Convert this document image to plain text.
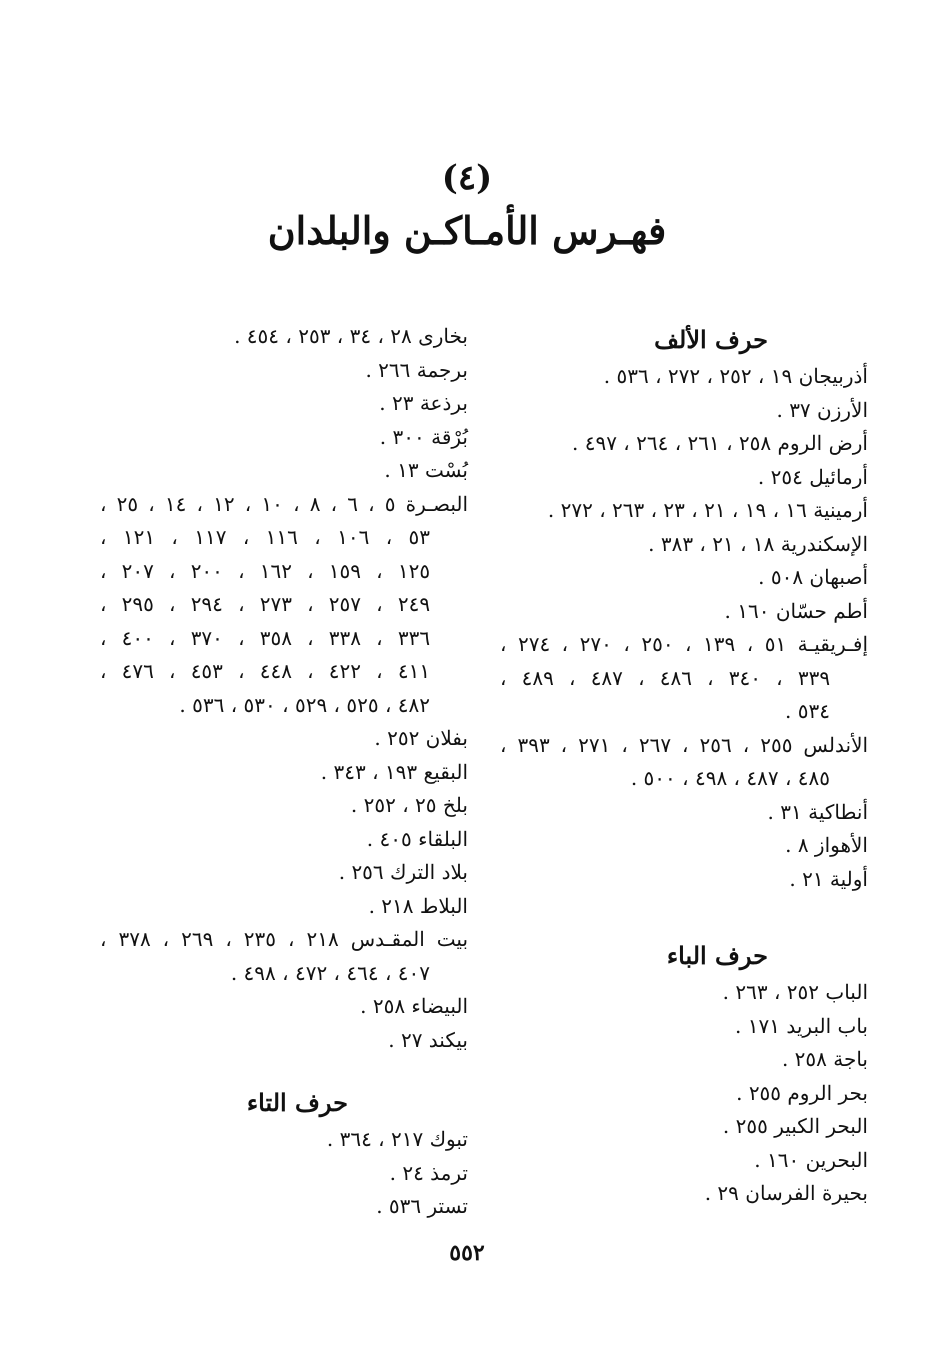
(٤)
فهـرس الأمـاكـن والبلدان
حرف الألف
أذربيجان ١٩ ، ٢٥٢ ، ٢٧٢ ، ٥٣٦ .
الأرزن ٣٧ .
أرض الروم ٢٥٨ ، ٢٦١ ، ٢٦٤ ، ٤٩٧ .
أرمائيل ٢٥٤ .
أرمينية ١٦ ، ١٩ ، ٢١ ، ٢٣ ، ٢٦٣ ، ٢٧٢ .
الإسكندرية ١٨ ، ٢١ ، ٣٨٣ .
أصبهان ٥٠٨ .
أطم حسّان ١٦٠ .
إفـريقيـة ٥١ ، ١٣٩ ، ٢٥٠ ، ٢٧٠ ، ٢٧٤ ،
٣٣٩ ، ٣٤٠ ، ٤٨٦ ، ٤٨٧ ، ٤٨٩ ،
٥٣٤ .
الأندلس ٢٥٥ ، ٢٥٦ ، ٢٦٧ ، ٢٧١ ، ٣٩٣ ،
٤٨٥ ، ٤٨٧ ، ٤٩٨ ، ٥٠٠ .
أنطاكية ٣١ .
الأهواز ٨ .
أولية ٢١ .
حرف الباء
الباب ٢٥٢ ، ٢٦٣ .
باب البريد ١٧١ .
باجة ٢٥٨ .
بحر الروم ٢٥٥ .
البحر الكبير ٢٥٥ .
البحرين ١٦٠ .
بحيرة الفرسان ٢٩ .
بخارى ٢٨ ، ٣٤ ، ٢٥٣ ، ٤٥٤ .
برجمة ٢٦٦ .
برذعة ٢٣ .
بُرْقة ٣٠٠ .
بُسْت ١٣ .
البصـرة ٥ ، ٦ ، ٨ ، ١٠ ، ١٢ ، ١٤ ، ٢٥ ،
٥٣ ، ١٠٦ ، ١١٦ ، ١١٧ ، ١٢١ ،
١٢٥ ، ١٥٩ ، ١٦٢ ، ٢٠٠ ، ٢٠٧ ،
٢٤٩ ، ٢٥٧ ، ٢٧٣ ، ٢٩٤ ، ٢٩٥ ،
٣٣٦ ، ٣٣٨ ، ٣٥٨ ، ٣٧٠ ، ٤٠٠ ،
٤١١ ، ٤٢٢ ، ٤٤٨ ، ٤٥٣ ، ٤٧٦ ،
٤٨٢ ، ٥٢٥ ، ٥٢٩ ، ٥٣٠ ، ٥٣٦ .
بفلان ٢٥٢ .
البقيع ١٩٣ ، ٣٤٣ .
بلخ ٢٥ ، ٢٥٢ .
البلقاء ٤٠٥ .
بلاد الترك ٢٥٦ .
البلاط ٢١٨ .
بيت المقـدس ٢١٨ ، ٢٣٥ ، ٢٦٩ ، ٣٧٨ ،
٤٠٧ ، ٤٦٤ ، ٤٧٢ ، ٤٩٨ .
البيضاء ٢٥٨ .
بيكند ٢٧ .
حرف التاء
تبوك ٢١٧ ، ٣٦٤ .
ترمذ ٢٤ .
تستر ٥٣٦ .
٥٥٢
